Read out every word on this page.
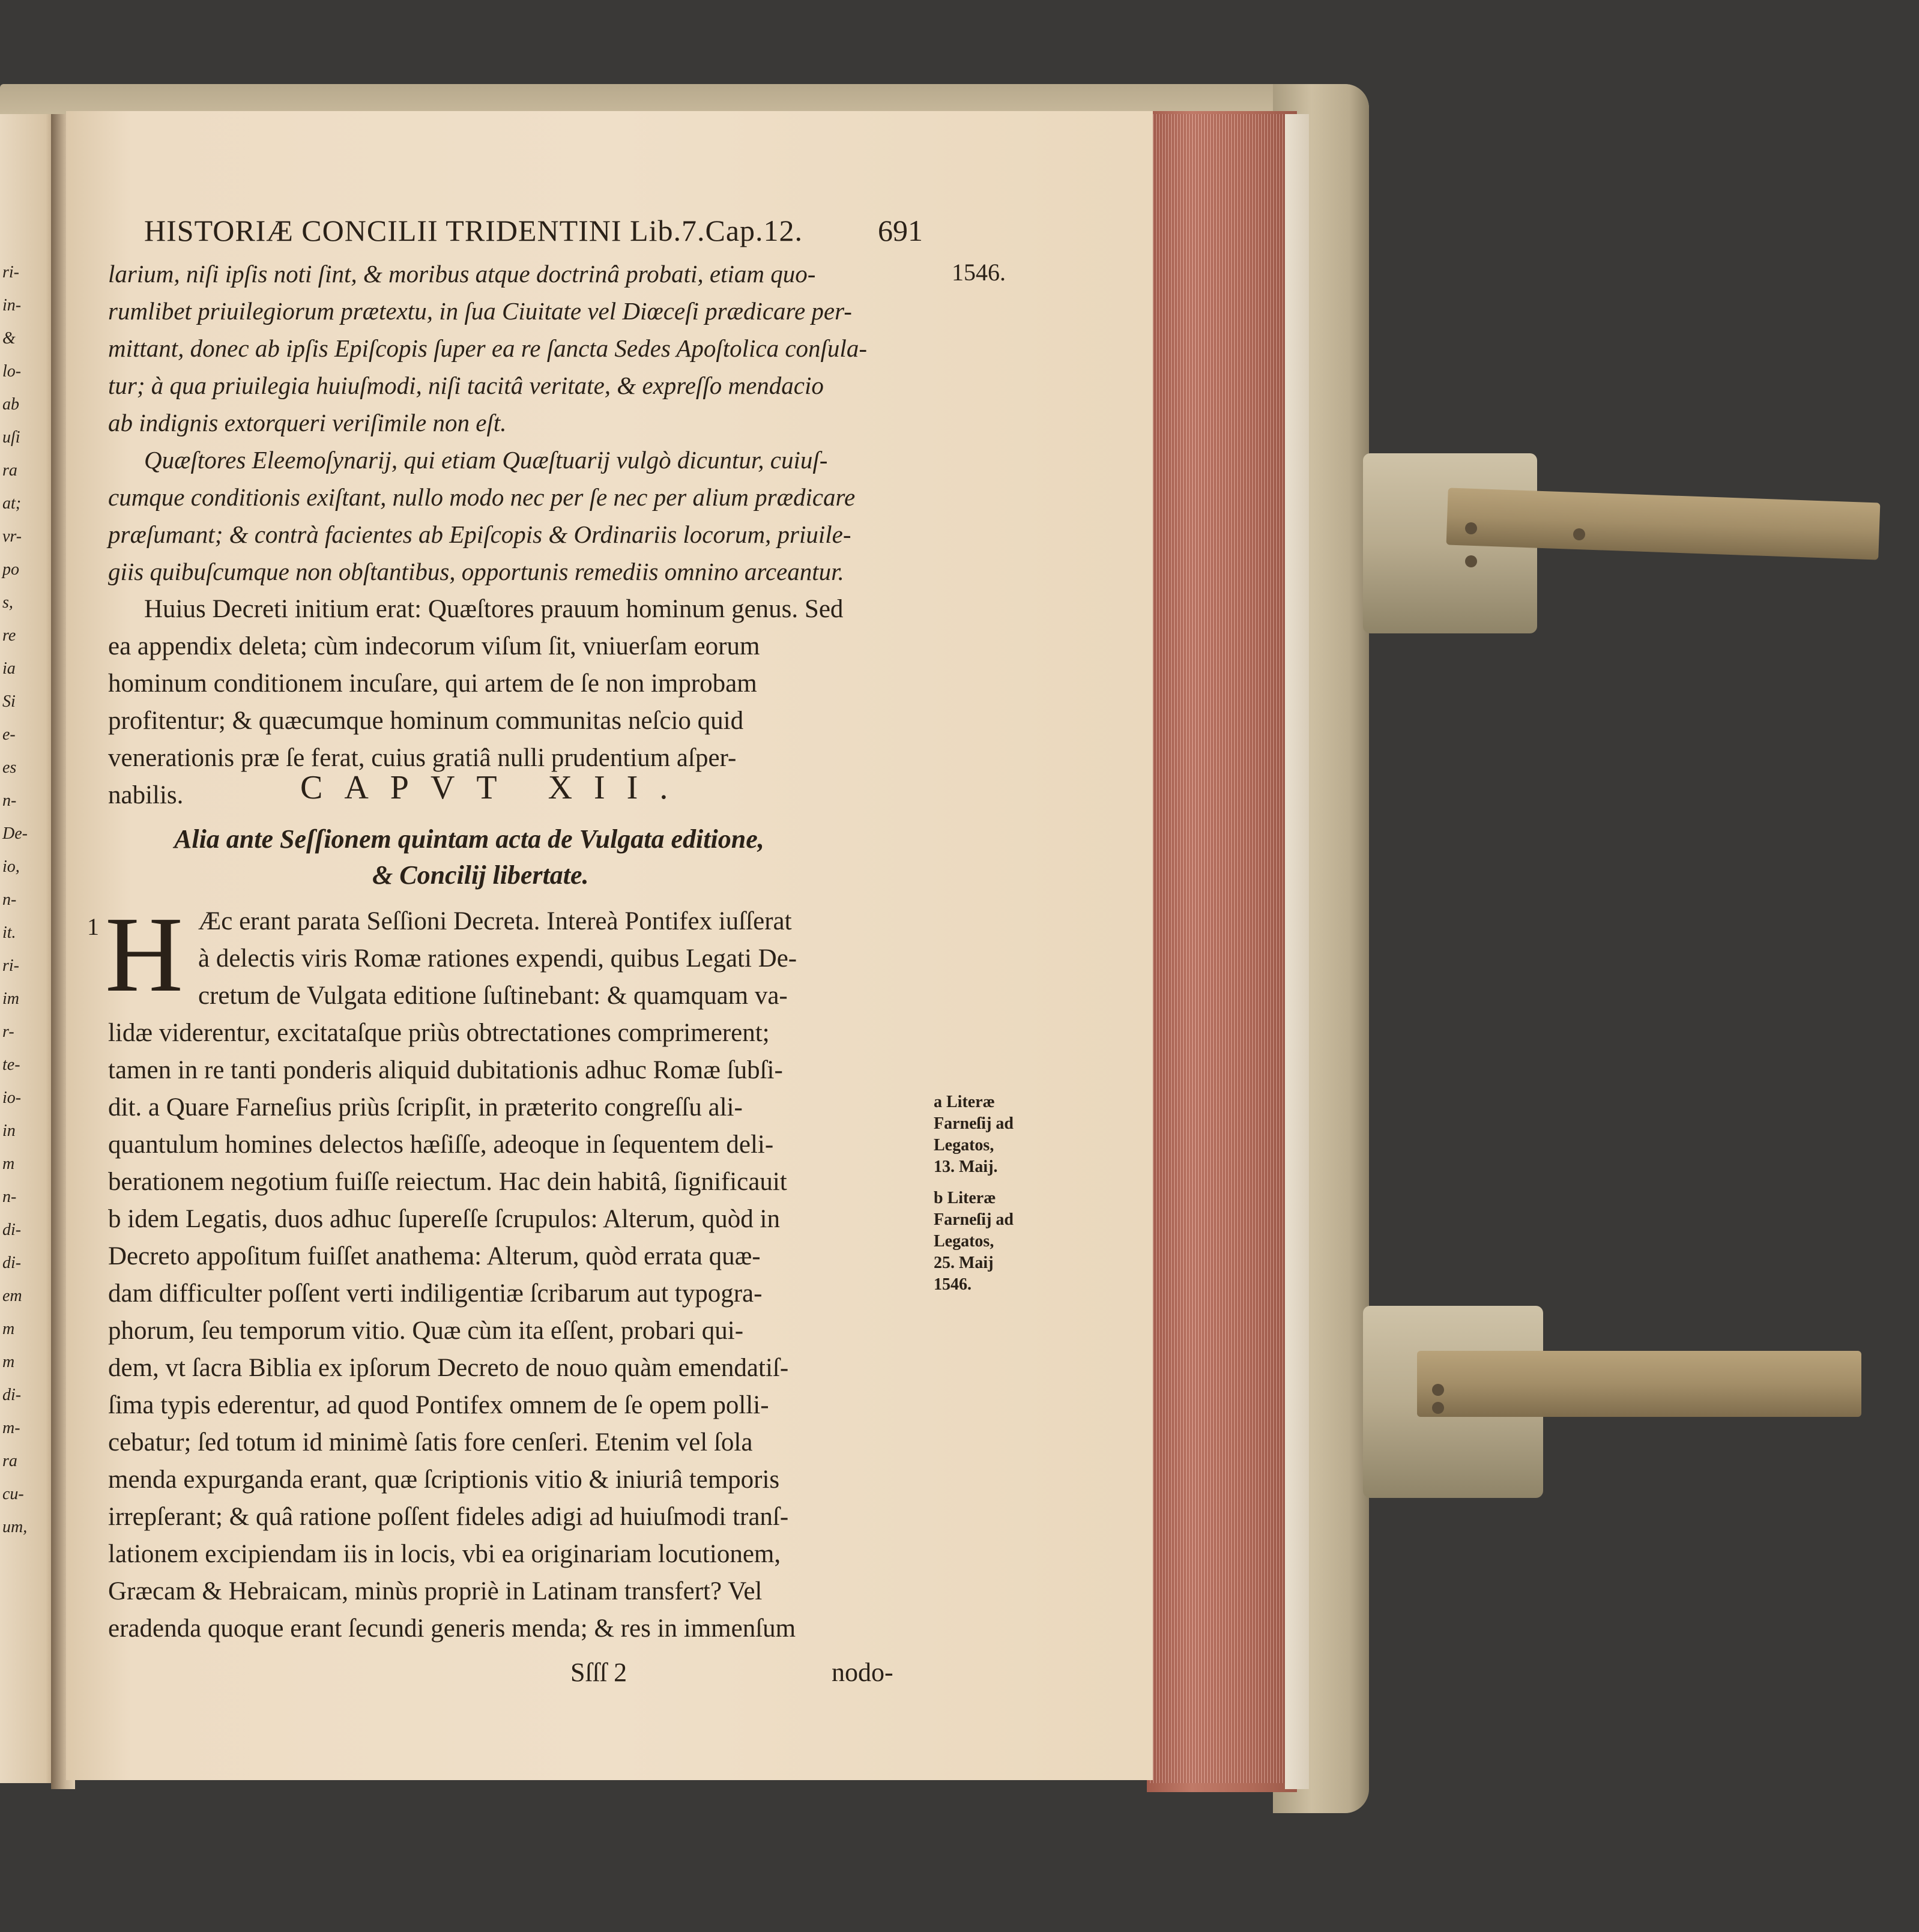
ri-
in-
&
lo-
ab
uſi
ra
at;
vr-
po
s,
re
ia
Si
e-
es
n-
De-
io,
n-
it.
ri-
im
r-
te-
io-
in
m
n-
di-
di-
em
m
m
di-
m-
ra
cu-
um,
HISTORIÆ CONCILII TRIDENTINI Lib.7.Cap.12. 691
1546.
larium, niſi ipſis noti ſint, & moribus atque doctrinâ probati, etiam quo-
rumlibet priuilegiorum prætextu, in ſua Ciuitate vel Diœceſi prædicare per-
mittant, donec ab ipſis Epiſcopis ſuper ea re ſancta Sedes Apoſtolica conſula-
tur; à qua priuilegia huiuſmodi, niſi tacitâ veritate, & expreſſo mendacio
ab indignis extorqueri veriſimile non eſt.
Quæſtores Eleemoſynarij, qui etiam Quæſtuarij vulgò dicuntur, cuiuſ-
cumque conditionis exiſtant, nullo modo nec per ſe nec per alium prædicare
præſumant; & contrà facientes ab Epiſcopis & Ordinariis locorum, priuile-
giis quibuſcumque non obſtantibus, opportunis remediis omnino arceantur.
Huius Decreti initium erat: Quæſtores prauum hominum genus. Sed
ea appendix deleta; cùm indecorum viſum ſit, vniuerſam eorum
hominum conditionem incuſare, qui artem de ſe non improbam
profitentur; & quæcumque hominum communitas neſcio quid
venerationis præ ſe ferat, cuius gratiâ nulli prudentium aſper-
nabilis.	CAPVT XII.
Alia ante Seſſionem quintam acta de Vulgata editione,
& Concilij libertate.
1 H Æc erant parata Seſſioni Decreta. Intereà Pontifex iuſſerat
à delectis viris Romæ rationes expendi, quibus Legati De-
cretum de Vulgata editione ſuſtinebant: & quamquam va-
lidæ viderentur, excitataſque priùs obtrectationes comprimerent;
tamen in re tanti ponderis aliquid dubitationis adhuc Romæ ſubſi-
dit. a Quare Farneſius priùs ſcripſit, in præterito congreſſu ali-
quantulum homines delectos hæſiſſe, adeoque in ſequentem deli-
berationem negotium fuiſſe reiectum. Hac dein habitâ, ſignificauit
b idem Legatis, duos adhuc ſupereſſe ſcrupulos: Alterum, quòd in
Decreto appoſitum fuiſſet anathema: Alterum, quòd errata quæ-
dam difficulter poſſent verti indiligentiæ ſcribarum aut typogra-
phorum, ſeu temporum vitio. Quæ cùm ita eſſent, probari qui-
dem, vt ſacra Biblia ex ipſorum Decreto de nouo quàm emendatiſ-
ſima typis ederentur, ad quod Pontifex omnem de ſe opem polli-
cebatur; ſed totum id minimè ſatis fore cenſeri. Etenim vel ſola
menda expurganda erant, quæ ſcriptionis vitio & iniuriâ temporis
irrepſerant; & quâ ratione poſſent fideles adigi ad huiuſmodi tranſ-
lationem excipiendam iis in locis, vbi ea originariam locutionem,
Græcam & Hebraicam, minùs propriè in Latinam transfert? Vel
eradenda quoque erant ſecundi generis menda; & res in immenſum
a Literæ
Farneſij ad
Legatos,
13. Maij.
b Literæ
Farneſij ad
Legatos,
25. Maij
1546.
Sſſſ 2	nodo-
